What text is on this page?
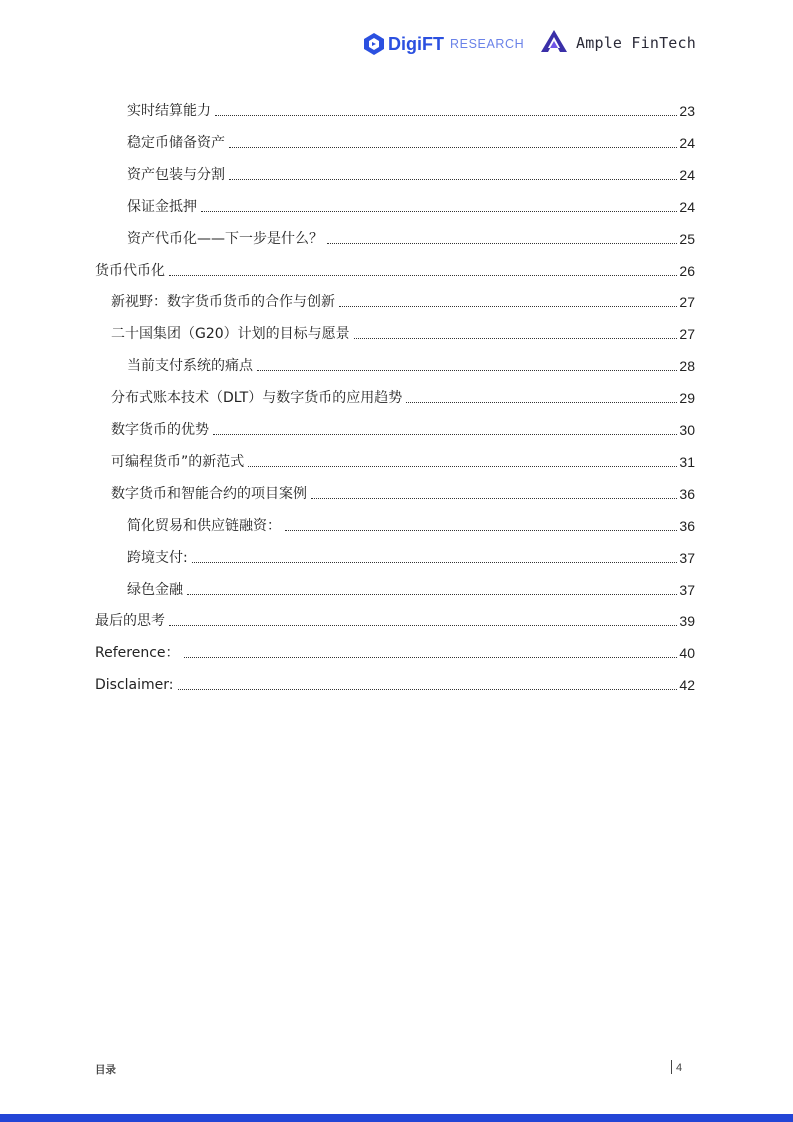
DigiFT RESEARCH	Ample FinTech
实时结算能力	23
稳定币储备资产	24
资产包装与分割	24
保证金抵押	24
资产代币化——下一步是什么？	25
货币代币化	26
新视野：数字货币货币的合作与创新	27
二十国集团（G20）计划的目标与愿景	27
当前支付系统的痛点	28
分布式账本技术（DLT）与数字货币的应用趋势	29
数字货币的优势	30
可编程货币”的新范式	31
数字货币和智能合约的项目案例	36
简化贸易和供应链融资：	36
跨境支付:	37
绿色金融	37
最后的思考	39
Reference：	40
Disclaimer:	42
目录	4
